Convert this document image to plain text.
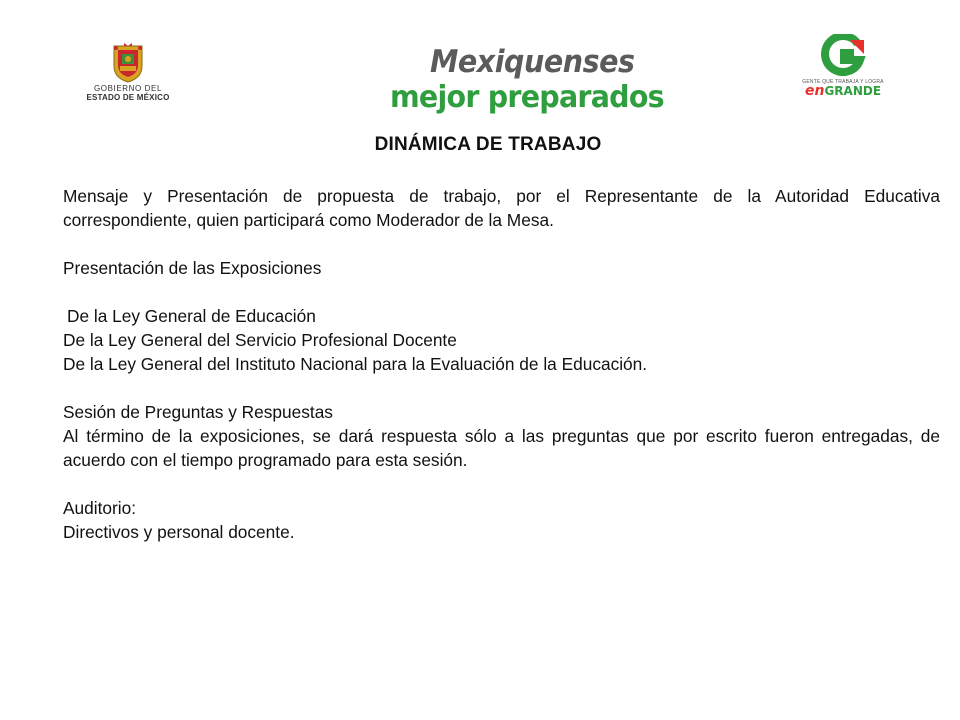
GOBIERNO DEL
ESTADO DE MÉXICO
Mexiquenses
mejor preparados	GENTE QUE TRABAJA Y LOGRA
enGRANDE
DINÁMICA DE TRABAJO

Mensaje y Presentación de propuesta de trabajo, por el Representante de la Autoridad Educativa correspondiente, quien participará como Moderador de la Mesa.

Presentación de las Exposiciones

De la Ley General de Educación

De la Ley General del Servicio Profesional Docente

De la Ley General del Instituto Nacional para la Evaluación de la Educación.

Sesión de Preguntas y Respuestas

Al término de la exposiciones, se dará respuesta sólo a las preguntas que por escrito fueron entregadas, de acuerdo con el tiempo programado para esta sesión.

Auditorio:

Directivos y personal docente.
